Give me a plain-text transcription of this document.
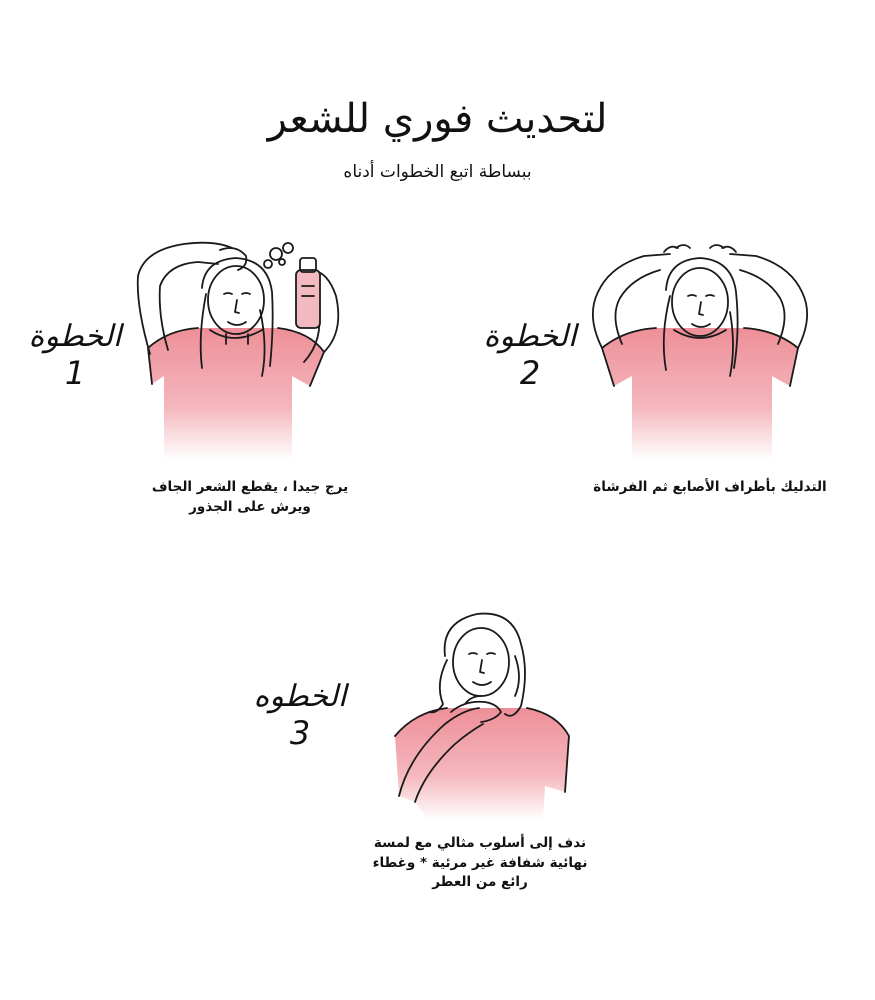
لتحديث فوري للشعر
ببساطة اتبع الخطوات أدناه
الخطوة
1
يرج جيدا ، يقطع الشعر الجاف
ويرش على الجذور
الخطوة
2
التدليك بأطراف الأصابع ثم الفرشاة
الخطوه
3
ندف إلى أسلوب مثالي مع لمسة
نهائية شفافة غير مرئية * وغطاء
رائع من العطر
